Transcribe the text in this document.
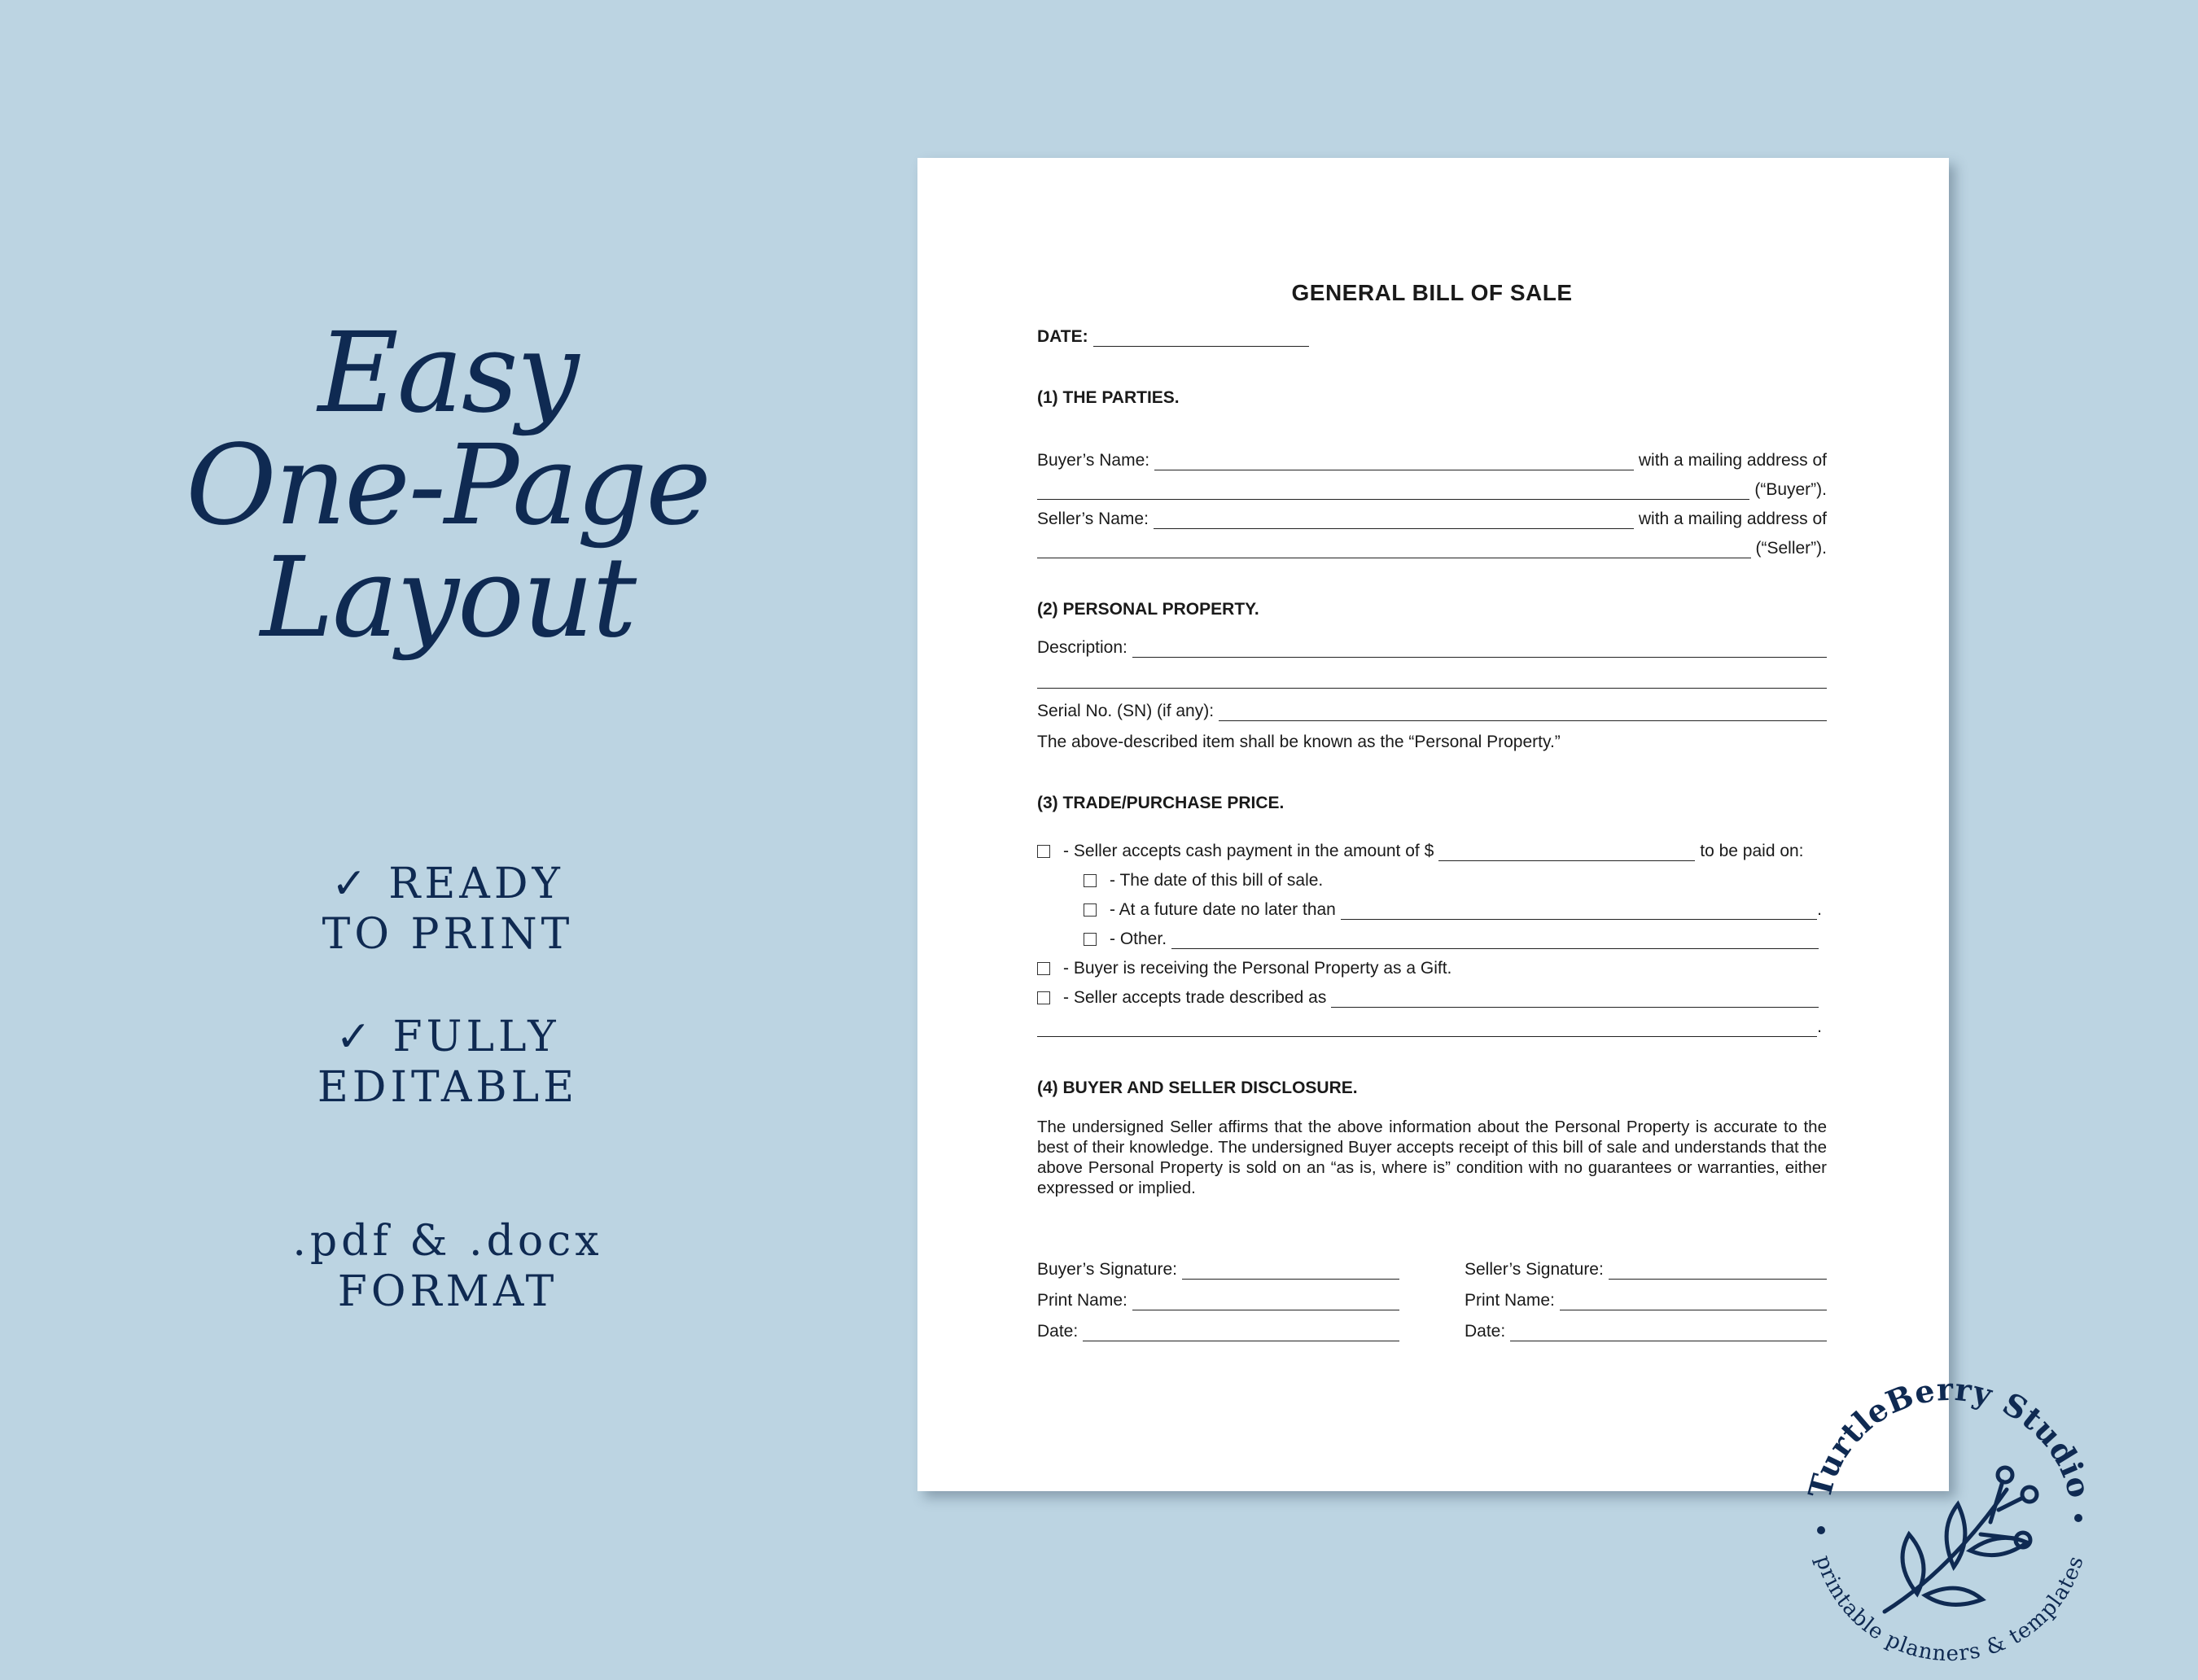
Easy
One-Page
Layout
✓ READY
TO PRINT
✓ FULLY
EDITABLE
.pdf & .docx
FORMAT
GENERAL BILL OF SALE
DATE:
(1) THE PARTIES.
Buyer’s Name:	with a mailing address of
(“Buyer”).
Seller’s Name:	with a mailing address of
(“Seller”).
(2) PERSONAL PROPERTY.
Description:
Serial No. (SN) (if any):
The above-described item shall be known as the “Personal Property.”
(3) TRADE/PURCHASE PRICE.
- Seller accepts cash payment in the amount of $	to be paid on:
- The date of this bill of sale.
- At a future date no later than	.
- Other.
- Buyer is receiving the Personal Property as a Gift.
- Seller accepts trade described as
.
(4) BUYER AND SELLER DISCLOSURE.
The undersigned Seller affirms that the above information about the Personal Property is accurate to the best of their knowledge. The undersigned Buyer accepts receipt of this bill of sale and understands that the above Personal Property is sold on an “as is, where is” condition with no guarantees or warranties, either expressed or implied.
Buyer’s Signature:
Print Name:
Date:
Seller’s Signature:
Print Name:
Date:
TurtleBerry Studio
printable planners & templates
